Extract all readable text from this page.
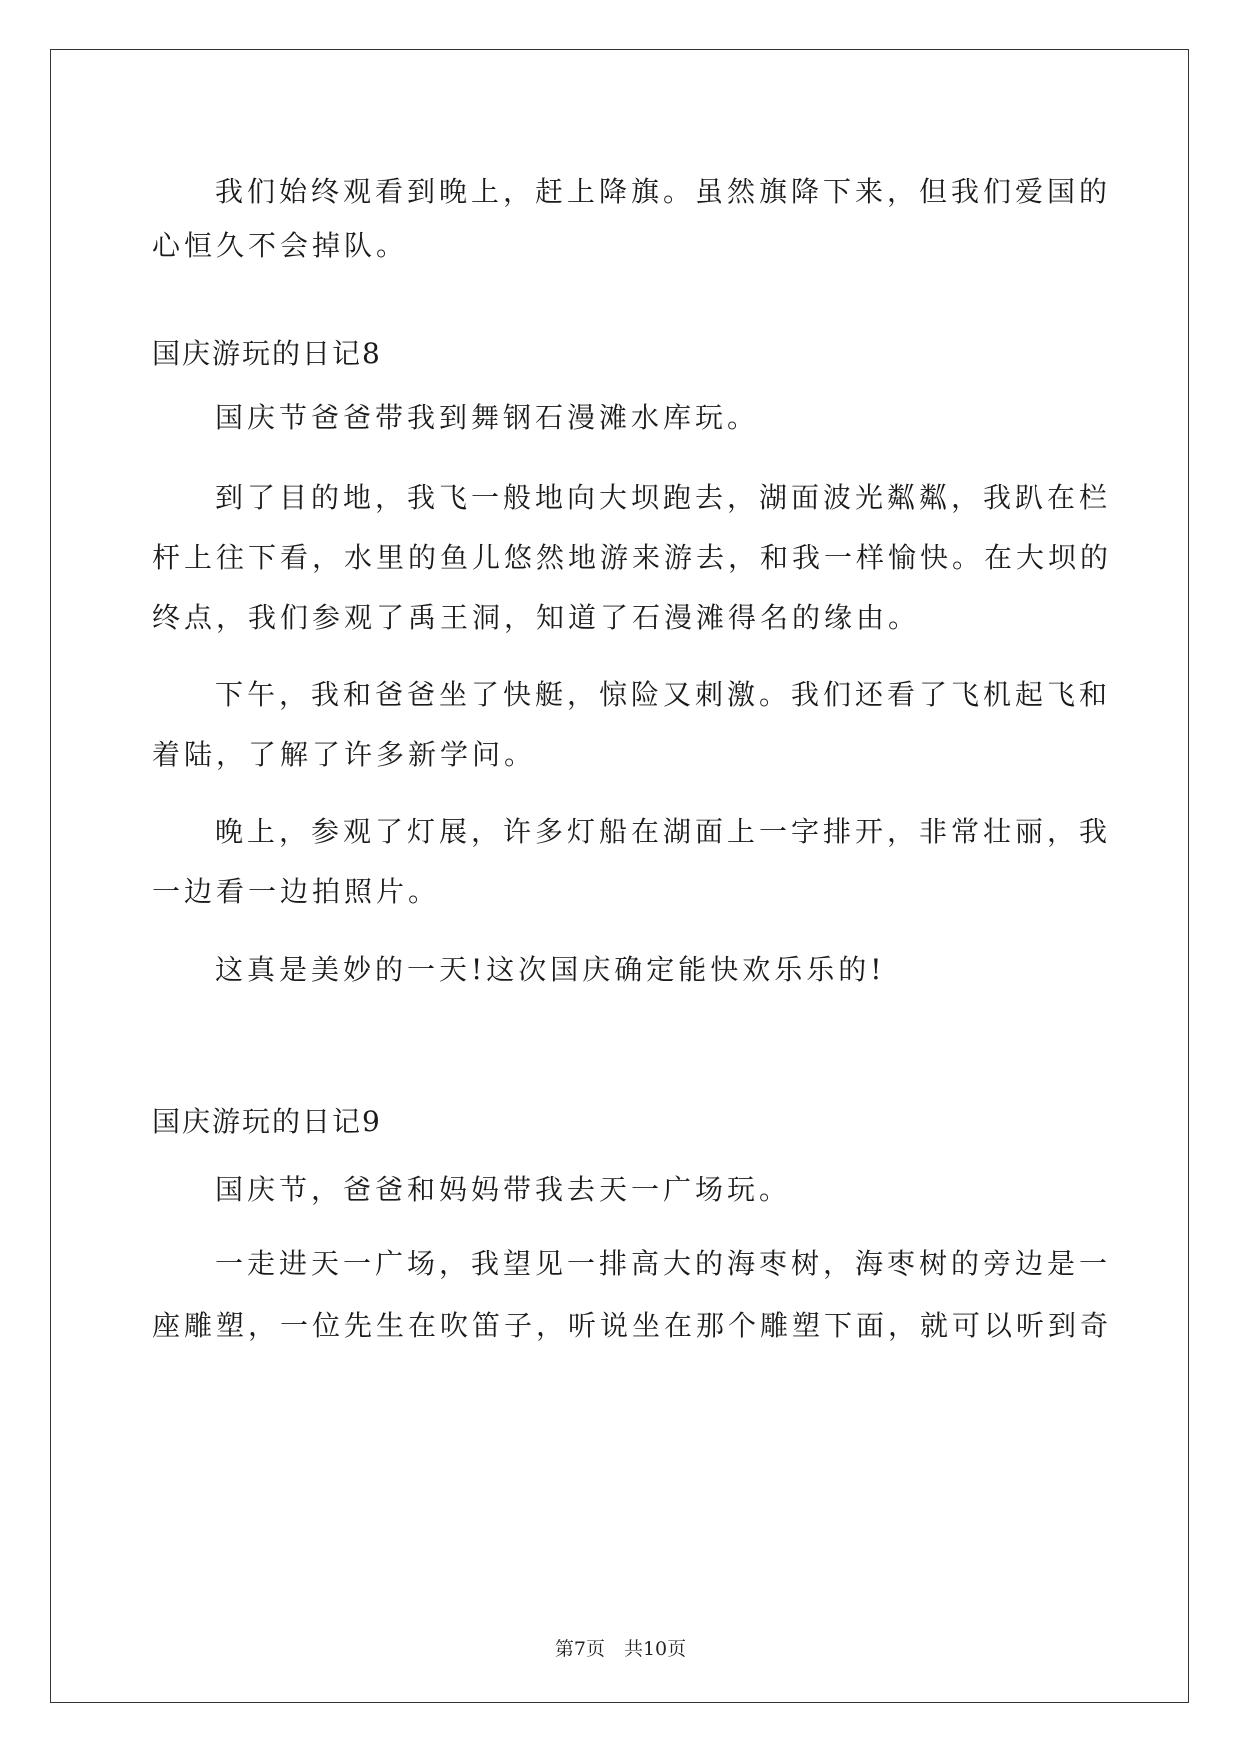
我们始终观看到晚上，赶上降旗。虽然旗降下来，但我们爱国的
心恒久不会掉队。
国庆游玩的日记8
国庆节爸爸带我到舞钢石漫滩水库玩。
到了目的地，我飞一般地向大坝跑去，湖面波光粼粼，我趴在栏
杆上往下看，水里的鱼儿悠然地游来游去，和我一样愉快。在大坝的
终点，我们参观了禹王洞，知道了石漫滩得名的缘由。
下午，我和爸爸坐了快艇，惊险又刺激。我们还看了飞机起飞和
着陆，了解了许多新学问。
晚上，参观了灯展，许多灯船在湖面上一字排开，非常壮丽，我
一边看一边拍照片。
这真是美妙的一天!这次国庆确定能快欢乐乐的!
国庆游玩的日记9
国庆节，爸爸和妈妈带我去天一广场玩。
一走进天一广场，我望见一排高大的海枣树，海枣树的旁边是一
座雕塑，一位先生在吹笛子，听说坐在那个雕塑下面，就可以听到奇
第7页　共10页
